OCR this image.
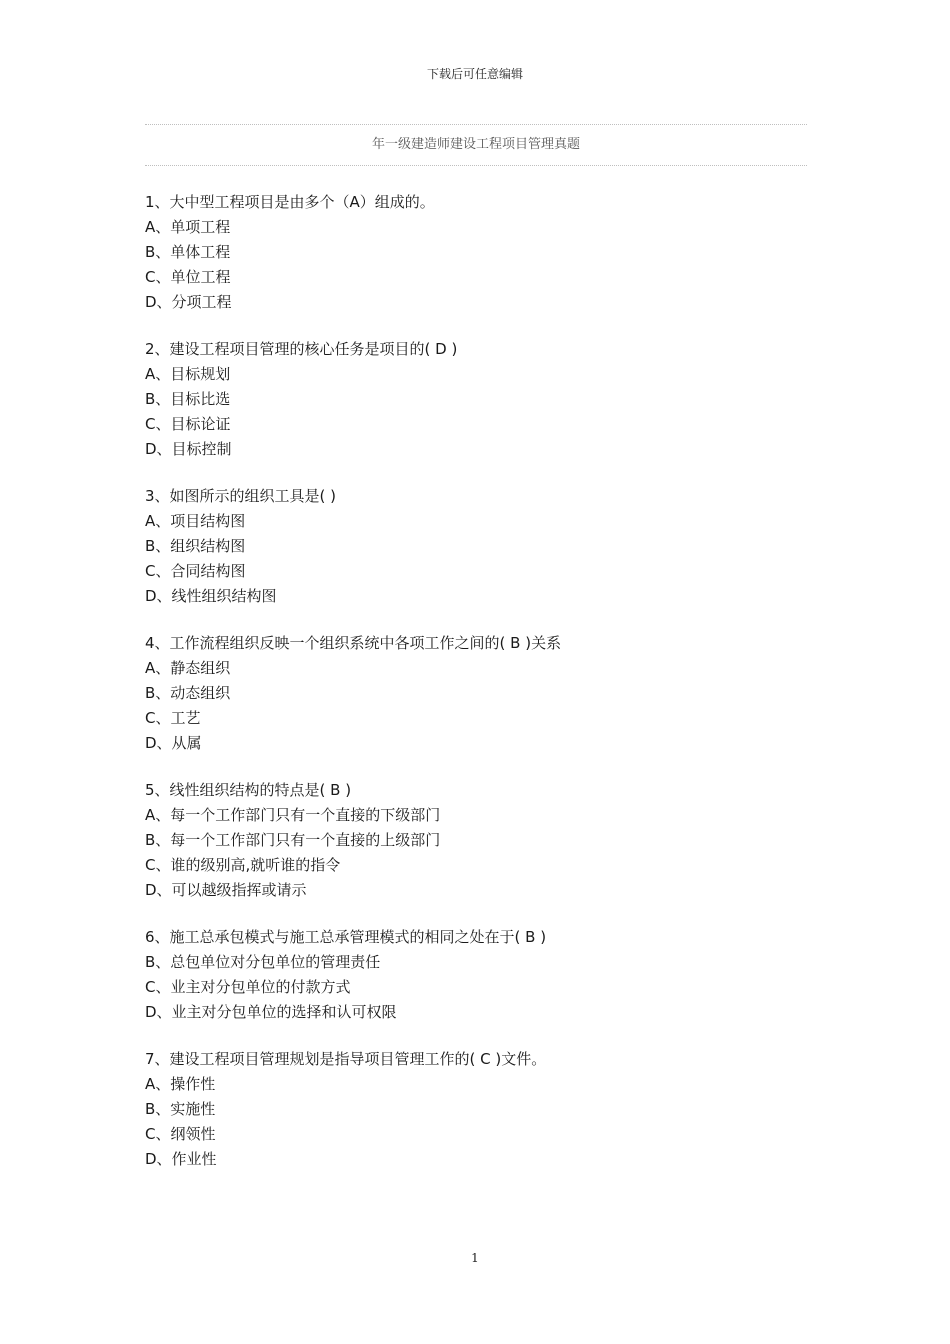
下载后可任意编辑
年一级建造师建设工程项目管理真题
1、大中型工程项目是由多个（A）组成的。
A、单项工程
B、单体工程
C、单位工程
D、分项工程
2、建设工程项目管理的核心任务是项目的( D )
A、目标规划
B、目标比选
C、目标论证
D、目标控制
3、如图所示的组织工具是( )
A、项目结构图
B、组织结构图
C、合同结构图
D、线性组织结构图
4、工作流程组织反映一个组织系统中各项工作之间的( B )关系
A、静态组织
B、动态组织
C、工艺
D、从属
5、线性组织结构的特点是( B )
A、每一个工作部门只有一个直接的下级部门
B、每一个工作部门只有一个直接的上级部门
C、谁的级别高,就听谁的指令
D、可以越级指挥或请示
6、施工总承包模式与施工总承管理模式的相同之处在于( B )
B、总包单位对分包单位的管理责任
C、业主对分包单位的付款方式
D、业主对分包单位的选择和认可权限
7、建设工程项目管理规划是指导项目管理工作的( C )文件。
A、操作性
B、实施性
C、纲领性
D、作业性
1
